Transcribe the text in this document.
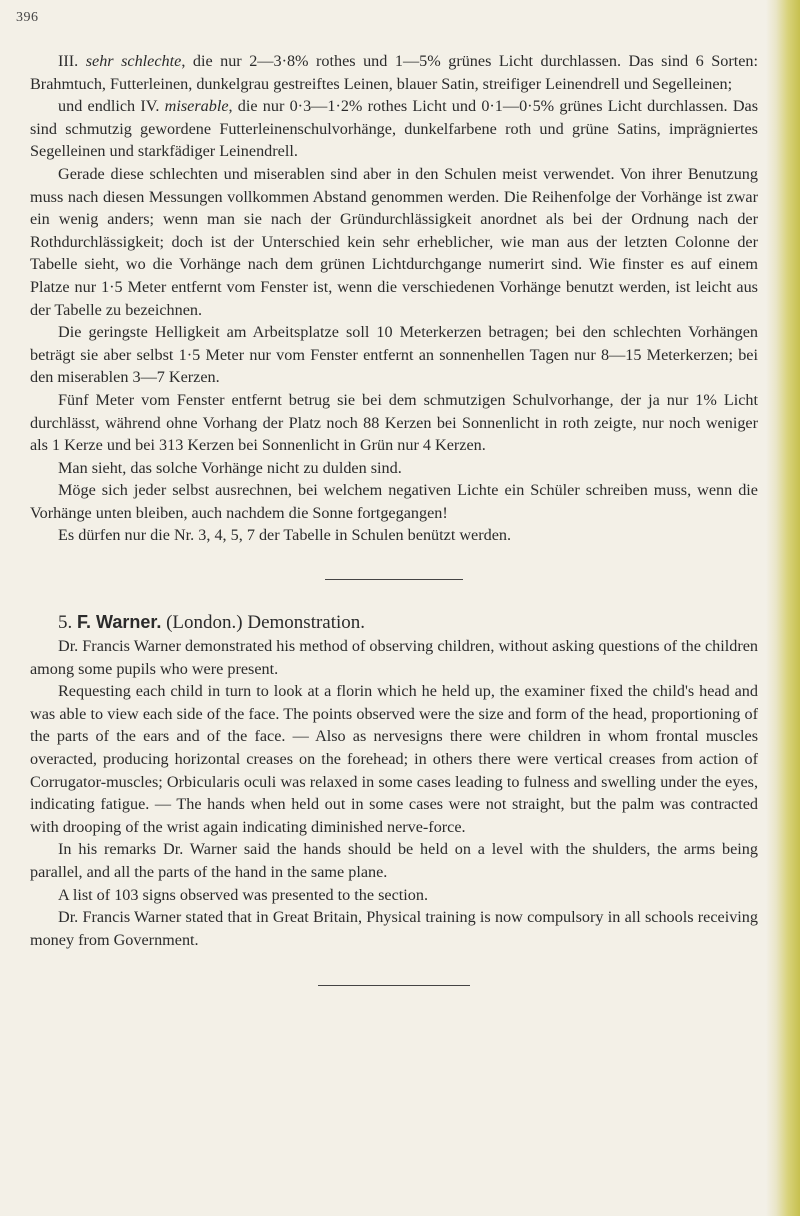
396

III. sehr schlechte, die nur 2—3·8% rothes und 1—5% grünes Licht durchlassen. Das sind 6 Sorten: Brahmtuch, Futterleinen, dunkelgrau gestreiftes Leinen, blauer Satin, streifiger Leinendrell und Segelleinen;

und endlich IV. miserable, die nur 0·3—1·2% rothes Licht und 0·1—0·5% grünes Licht durchlassen. Das sind schmutzig gewordene Futterleinenschulvorhänge, dunkelfarbene roth und grüne Satins, imprägniertes Segelleinen und starkfädiger Leinendrell.

Gerade diese schlechten und miserablen sind aber in den Schulen meist verwendet. Von ihrer Benutzung muss nach diesen Messungen vollkommen Abstand genommen werden. Die Reihenfolge der Vorhänge ist zwar ein wenig anders; wenn man sie nach der Gründurchlässigkeit anordnet als bei der Ordnung nach der Rothdurchlässigkeit; doch ist der Unterschied kein sehr erheblicher, wie man aus der letzten Colonne der Tabelle sieht, wo die Vorhänge nach dem grünen Lichtdurchgange numerirt sind. Wie finster es auf einem Platze nur 1·5 Meter entfernt vom Fenster ist, wenn die verschiedenen Vorhänge benutzt werden, ist leicht aus der Tabelle zu bezeichnen.

Die geringste Helligkeit am Arbeitsplatze soll 10 Meterkerzen betragen; bei den schlechten Vorhängen beträgt sie aber selbst 1·5 Meter nur vom Fenster entfernt an sonnenhellen Tagen nur 8—15 Meterkerzen; bei den miserablen 3—7 Kerzen.

Fünf Meter vom Fenster entfernt betrug sie bei dem schmutzigen Schulvorhange, der ja nur 1% Licht durchlässt, während ohne Vorhang der Platz noch 88 Kerzen bei Sonnenlicht in roth zeigte, nur noch weniger als 1 Kerze und bei 313 Kerzen bei Sonnenlicht in Grün nur 4 Kerzen.

Man sieht, das solche Vorhänge nicht zu dulden sind.

Möge sich jeder selbst ausrechnen, bei welchem negativen Lichte ein Schüler schreiben muss, wenn die Vorhänge unten bleiben, auch nachdem die Sonne fortgegangen!

Es dürfen nur die Nr. 3, 4, 5, 7 der Tabelle in Schulen benützt werden.

5. F. Warner. (London.) Demonstration.

Dr. Francis Warner demonstrated his method of observing children, without asking questions of the children among some pupils who were present.

Requesting each child in turn to look at a florin which he held up, the examiner fixed the child's head and was able to view each side of the face. The points observed were the size and form of the head, proportioning of the parts of the ears and of the face. — Also as nervesigns there were children in whom frontal muscles overacted, producing horizontal creases on the forehead; in others there were vertical creases from action of Corrugator-muscles; Orbicularis oculi was relaxed in some cases leading to fulness and swelling under the eyes, indicating fatigue. — The hands when held out in some cases were not straight, but the palm was contracted with drooping of the wrist again indicating diminished nerve-force.

In his remarks Dr. Warner said the hands should be held on a level with the shulders, the arms being parallel, and all the parts of the hand in the same plane.

A list of 103 signs observed was presented to the section.

Dr. Francis Warner stated that in Great Britain, Physical training is now compulsory in all schools receiving money from Government.
